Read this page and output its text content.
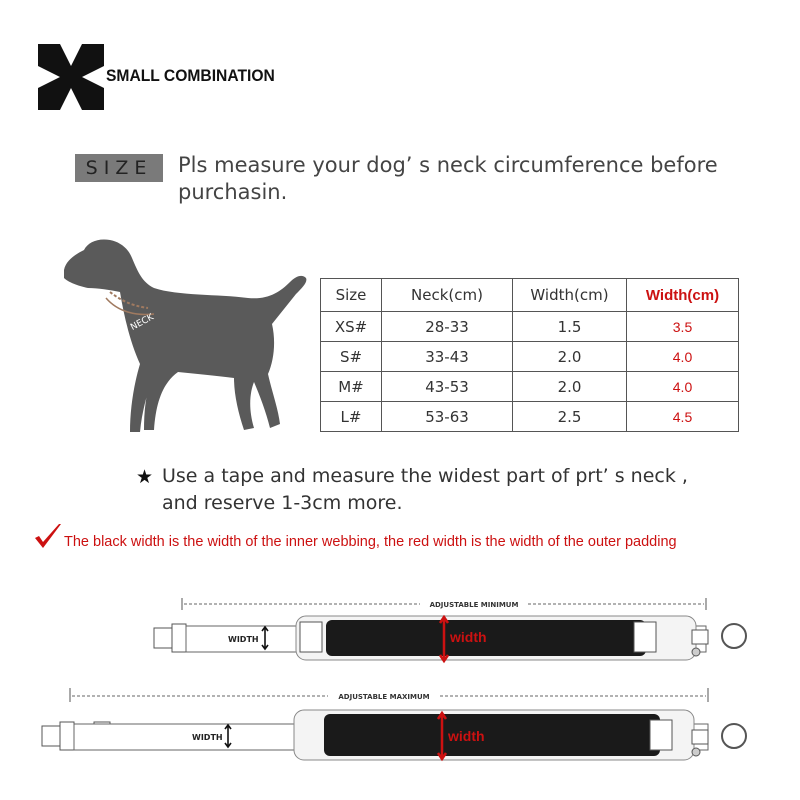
SMALL COMBINATION
SIZE	Pls measure your dog’ s neck circumference before purchasin.
静音 NECK
Size	Neck(cm)	Width(cm)	Width(cm)
XS#	28-33	1.5	3.5
S#	33-43	2.0	4.0
M#	43-53	2.0	4.0
L#	53-63	2.5	4.5
★ Use a tape and measure the widest part of prt’ s neck ,
and reserve 1-3cm more.
The black width is the width of the inner webbing, the red width is the width of the outer padding
ADJUSTABLE MINIMUM
WIDTH	width
ADJUSTABLE MAXIMUM
WIDTH	width
